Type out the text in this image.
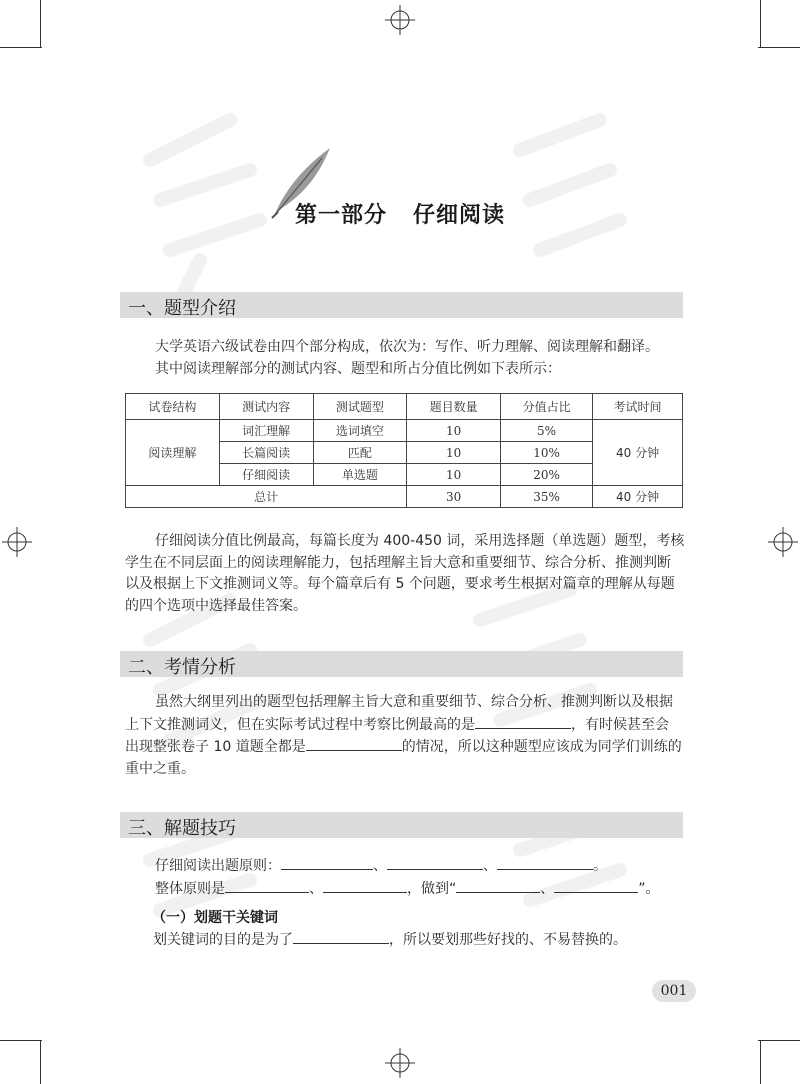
第一部分 仔细阅读
一、题型介绍
大学英语六级试卷由四个部分构成，依次为：写作、听力理解、阅读理解和翻译。
其中阅读理解部分的测试内容、题型和所占分值比例如下表所示：
试卷结构	测试内容	测试题型	题目数量	分值占比	考试时间
阅读理解	词汇理解	选词填空	10	5%	40 分钟
	长篇阅读	匹配	10	10%	
	仔细阅读	单选题	10	20%	
总计			30	35%	40 分钟
仔细阅读分值比例最高，每篇长度为 400-450 词，采用选择题（单选题）题型，考核
学生在不同层面上的阅读理解能力，包括理解主旨大意和重要细节、综合分析、推测判断
以及根据上下文推测词义等。每个篇章后有 5 个问题，要求考生根据对篇章的理解从每题
的四个选项中选择最佳答案。
二、考情分析
虽然大纲里列出的题型包括理解主旨大意和重要细节、综合分析、推测判断以及根据
上下文推测词义，但在实际考试过程中考察比例最高的是	，有时候甚至会
出现整张卷子 10 道题全都是	的情况，所以这种题型应该成为同学们训练的
重中之重。
三、解题技巧
仔细阅读出题原则：	、	、	。
整体原则是	、	，做到“	、	”。
（一）划题干关键词
划关键词的目的是为了	，所以要划那些好找的、不易替换的。
001
